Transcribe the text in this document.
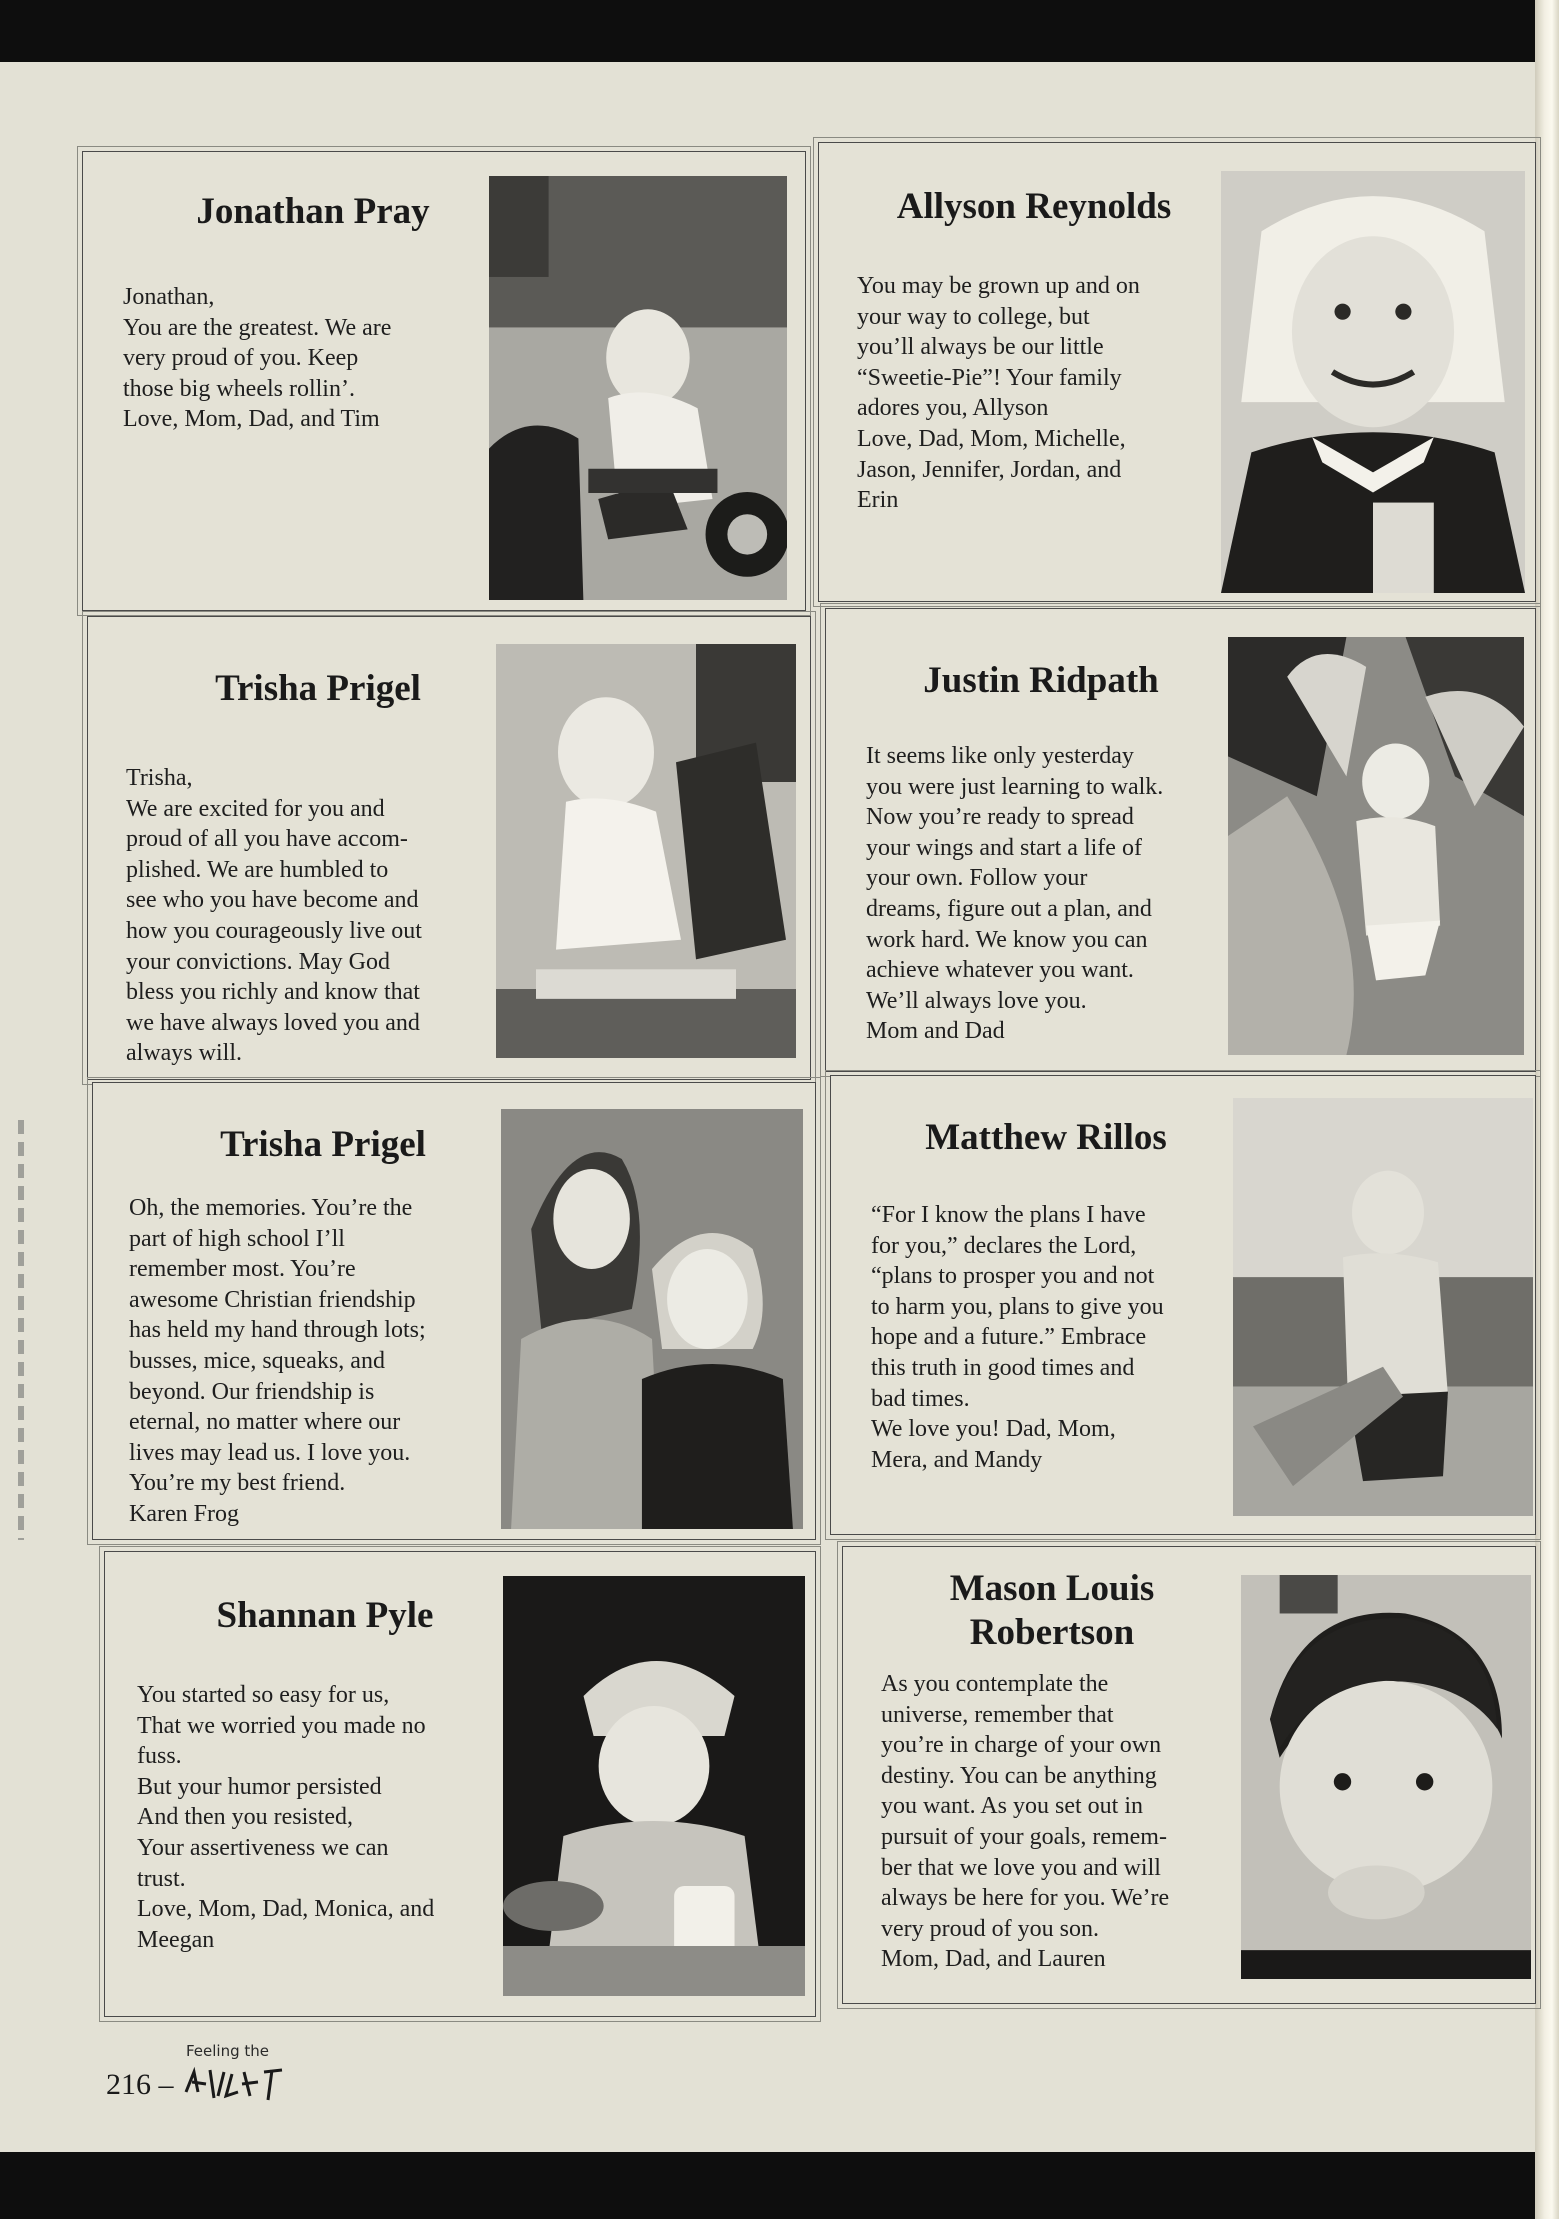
Jonathan Pray
Jonathan,
You are the greatest. We are
very proud of you. Keep
those big wheels rollin’.
Love, Mom, Dad, and Tim
Allyson Reynolds
You may be grown up and on
your way to college, but
you’ll always be our little
“Sweetie-Pie”! Your family
adores you, Allyson
Love, Dad, Mom, Michelle,
Jason, Jennifer, Jordan, and
Erin
Trisha Prigel
Trisha,
We are excited for you and
proud of all you have accom-
plished. We are humbled to
see who you have become and
how you courageously live out
your convictions. May God
bless you richly and know that
we have always loved you and
always will.
Justin Ridpath
It seems like only yesterday
you were just learning to walk.
Now you’re ready to spread
your wings and start a life of
your own. Follow your
dreams, figure out a plan, and
work hard. We know you can
achieve whatever you want.
We’ll always love you.
Mom and Dad
Trisha Prigel
Oh, the memories. You’re the
part of high school I’ll
remember most. You’re
awesome Christian friendship
has held my hand through lots;
busses, mice, squeaks, and
beyond. Our friendship is
eternal, no matter where our
lives may lead us. I love you.
You’re my best friend.
Karen Frog
Matthew Rillos
“For I know the plans I have
for you,” declares the Lord,
“plans to prosper you and not
to harm you, plans to give you
hope and a future.” Embrace
this truth in good times and
bad times.
We love you! Dad, Mom,
Mera, and Mandy
Shannan Pyle
You started so easy for us,
That we worried you made no
fuss.
But your humor persisted
And then you resisted,
Your assertiveness we can
trust.
Love, Mom, Dad, Monica, and
Meegan
Mason Louis
Robertson
As you contemplate the
universe, remember that
you’re in charge of your own
destiny. You can be anything
you want. As you set out in
pursuit of your goals, remem-
ber that we love you and will
always be here for you. We’re
very proud of you son.
Mom, Dad, and Lauren
216 –
Feeling the
